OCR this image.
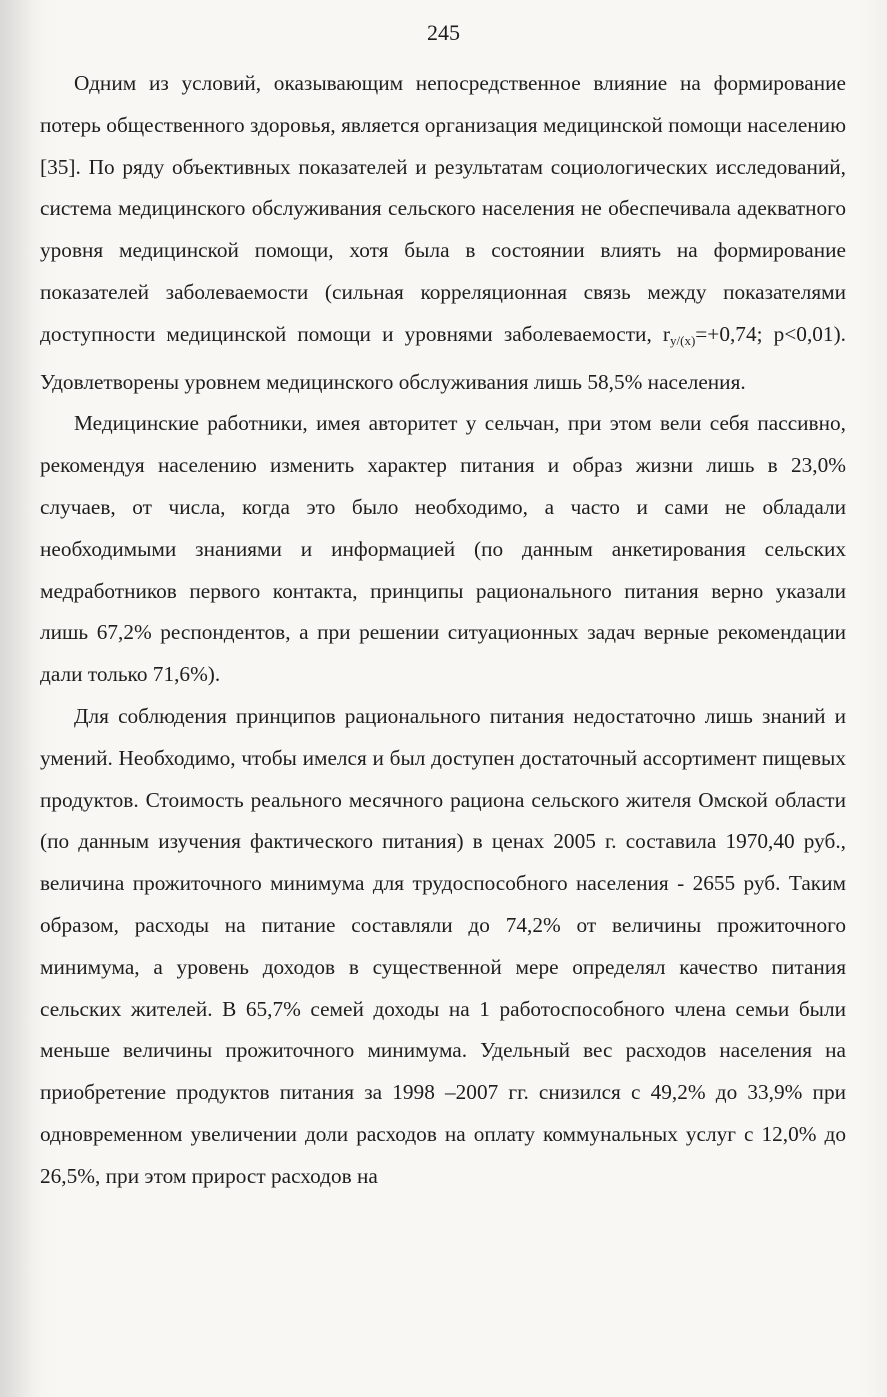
245

Одним из условий, оказывающим непосредственное влияние на формирование потерь общественного здоровья, является организация медицинской помощи населению [35]. По ряду объективных показателей и результатам социологических исследований, система медицинского обслуживания сельского населения не обеспечивала адекватного уровня медицинской помощи, хотя была в состоянии влиять на формирование показателей заболеваемости (сильная корреляционная связь между показателями доступности медицинской помощи и уровнями заболеваемости, $r_{y/(x)}=+0,74$; p<0,01). Удовлетворены уровнем медицинского обслуживания лишь 58,5% населения.

Медицинские работники, имея авторитет у сельчан, при этом вели себя пассивно, рекомендуя населению изменить характер питания и образ жизни лишь в 23,0% случаев, от числа, когда это было необходимо, а часто и сами не обладали необходимыми знаниями и информацией (по данным анкетирования сельских медработников первого контакта, принципы рационального питания верно указали лишь 67,2% респондентов, а при решении ситуационных задач верные рекомендации дали только 71,6%).

Для соблюдения принципов рационального питания недостаточно лишь знаний и умений. Необходимо, чтобы имелся и был доступен достаточный ассортимент пищевых продуктов. Стоимость реального месячного рациона сельского жителя Омской области (по данным изучения фактического питания) в ценах 2005 г. составила 1970,40 руб., величина прожиточного минимума для трудоспособного населения - 2655 руб. Таким образом, расходы на питание составляли до 74,2% от величины прожиточного минимума, а уровень доходов в существенной мере определял качество питания сельских жителей. В 65,7% семей доходы на 1 работоспособного члена семьи были меньше величины прожиточного минимума. Удельный вес расходов населения на приобретение продуктов питания за 1998 –2007 гг. снизился с 49,2% до 33,9% при одновременном увеличении доли расходов на оплату коммунальных услуг с 12,0% до 26,5%, при этом прирост расходов на
